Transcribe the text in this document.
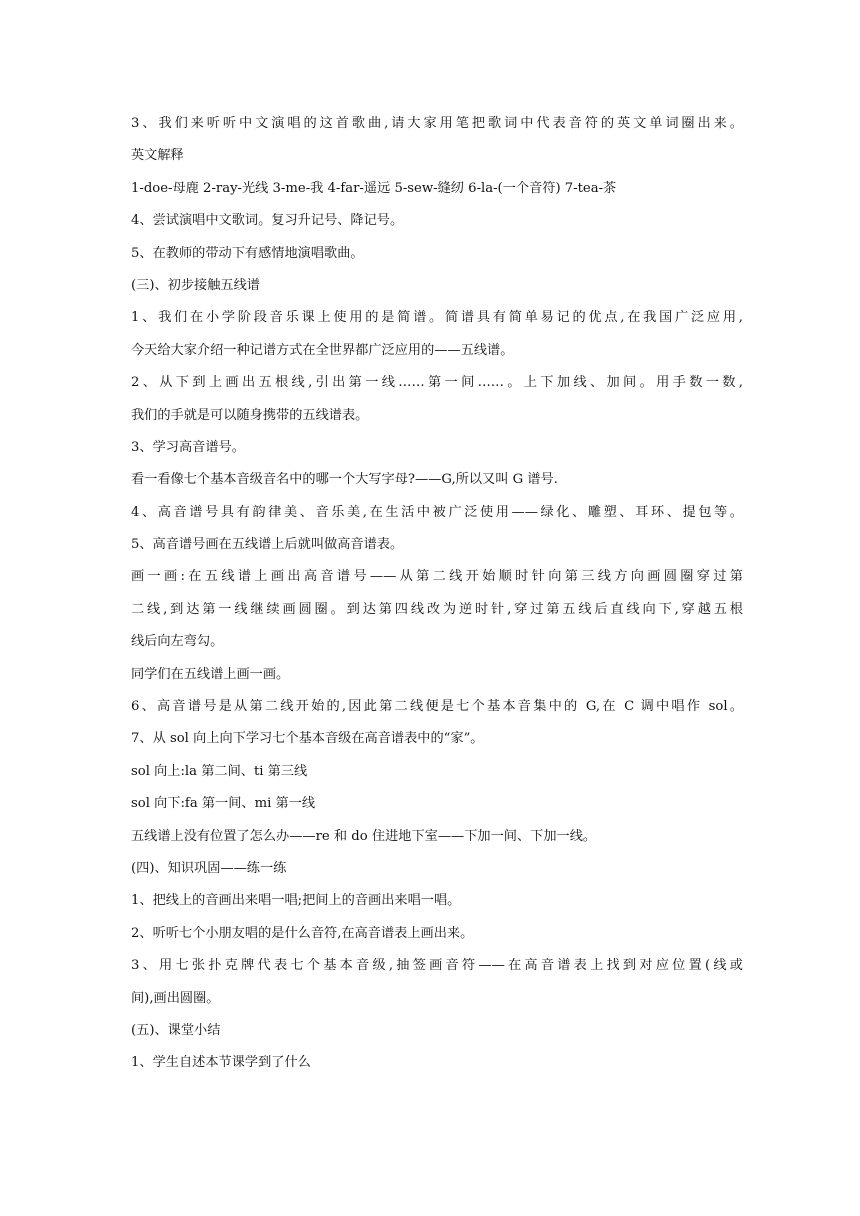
3、我们来听听中文演唱的这首歌曲,请大家用笔把歌词中代表音符的英文单词圈出来。
英文解释
1-doe-母鹿 2-ray-光线 3-me-我 4-far-遥远 5-sew-缝纫 6-la-(一个音符) 7-tea-茶
4、尝试演唱中文歌词。复习升记号、降记号。
5、在教师的带动下有感情地演唱歌曲。
(三)、初步接触五线谱
1、我们在小学阶段音乐课上使用的是简谱。简谱具有简单易记的优点,在我国广泛应用,
今天给大家介绍一种记谱方式在全世界都广泛应用的——五线谱。
2、从下到上画出五根线,引出第一线……第一间……。上下加线、加间。用手数一数,
我们的手就是可以随身携带的五线谱表。
3、学习高音谱号。
看一看像七个基本音级音名中的哪一个大写字母?——G,所以又叫 G 谱号.
4、高音谱号具有韵律美、音乐美,在生活中被广泛使用——绿化、雕塑、耳环、提包等。
5、高音谱号画在五线谱上后就叫做高音谱表。
画一画:在五线谱上画出高音谱号——从第二线开始顺时针向第三线方向画圆圈穿过第
二线,到达第一线继续画圆圈。到达第四线改为逆时针,穿过第五线后直线向下,穿越五根
线后向左弯勾。
同学们在五线谱上画一画。
6、高音谱号是从第二线开始的,因此第二线便是七个基本音集中的 G,在 C 调中唱作 sol。
7、从 sol 向上向下学习七个基本音级在高音谱表中的“家”。
sol 向上:la 第二间、ti 第三线
sol 向下:fa 第一间、mi 第一线
五线谱上没有位置了怎么办——re 和 do 住进地下室——下加一间、下加一线。
(四)、知识巩固——练一练
1、把线上的音画出来唱一唱;把间上的音画出来唱一唱。
2、听听七个小朋友唱的是什么音符,在高音谱表上画出来。
3、用七张扑克牌代表七个基本音级,抽签画音符——在高音谱表上找到对应位置(线或
间),画出圆圈。
(五)、课堂小结
1、学生自述本节课学到了什么
